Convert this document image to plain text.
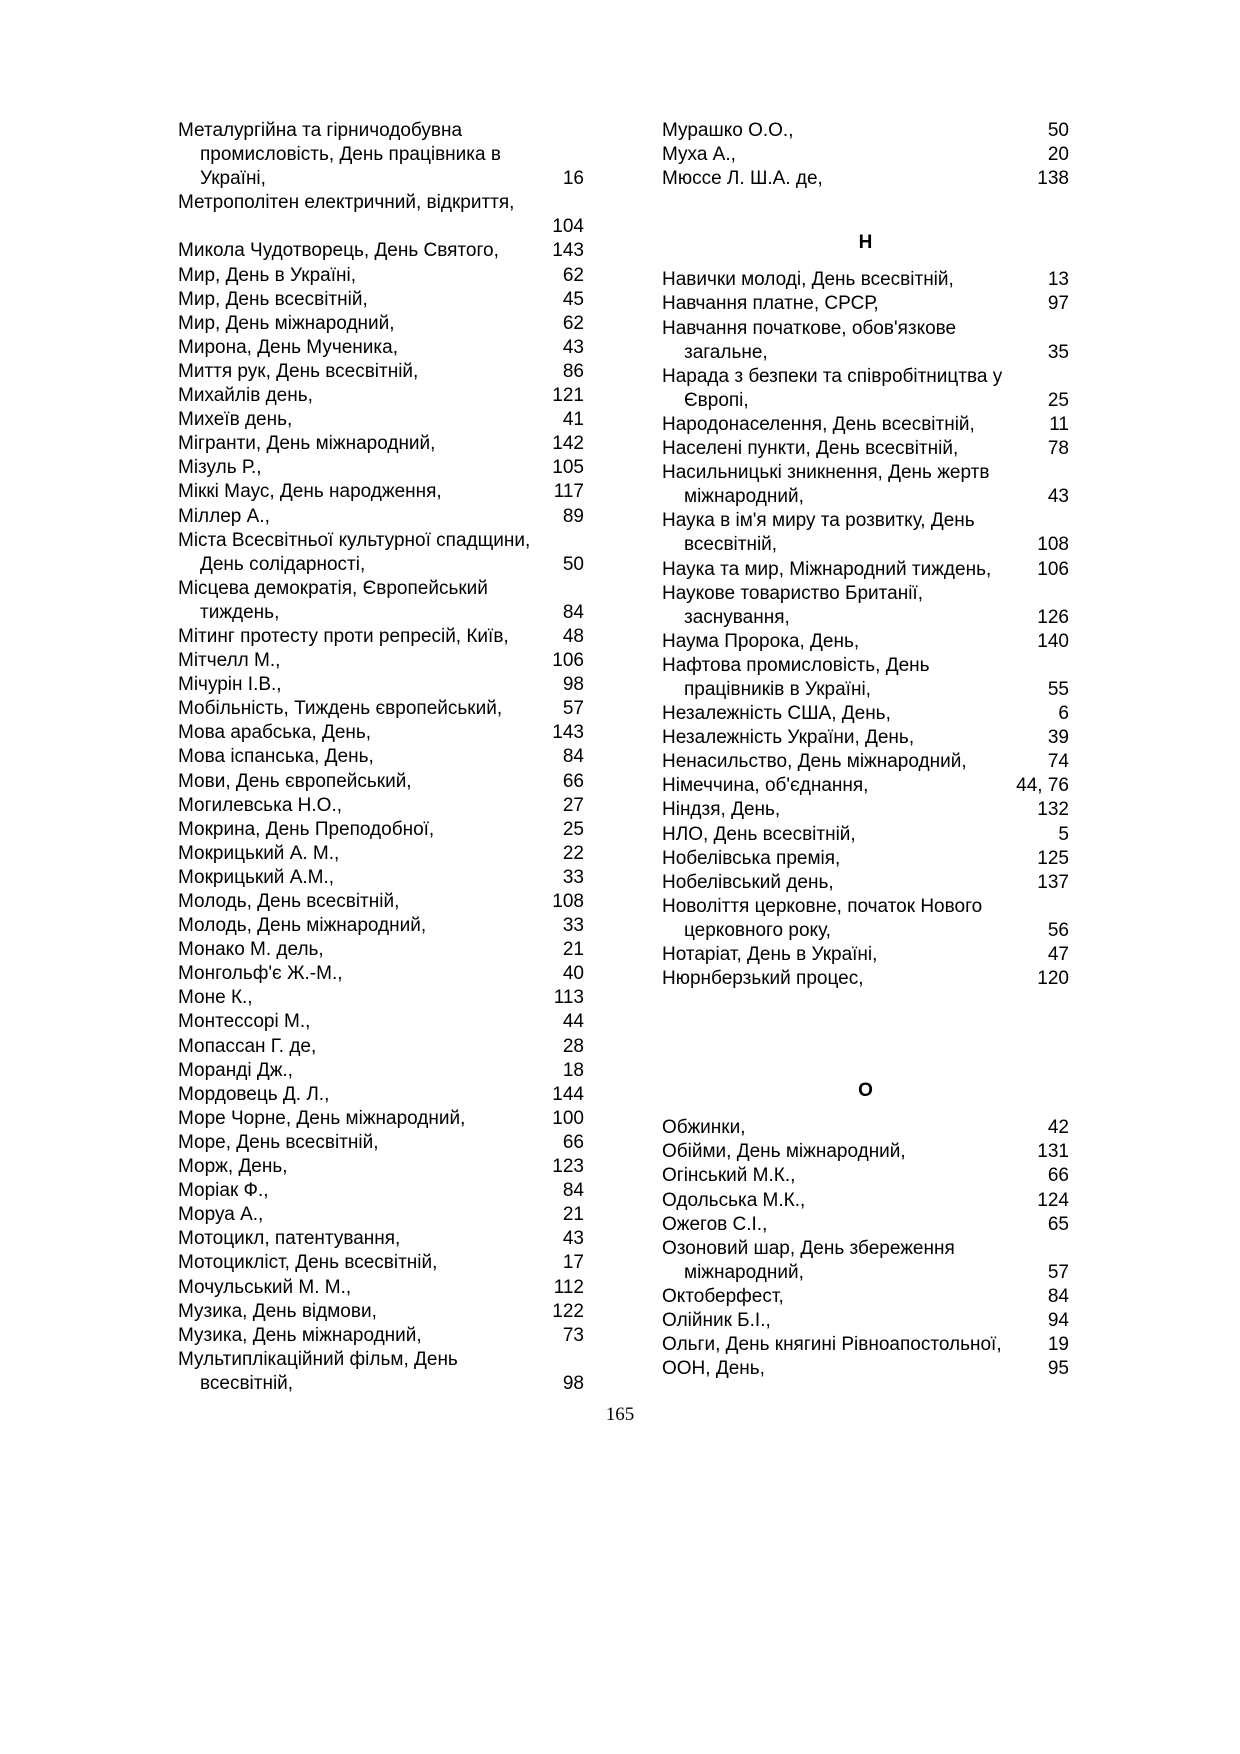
Металургійна та гірничодобувна
промисловість, День працівника в
Україні,	16
Метрополітен електричний, відкриття,
104
Микола Чудотворець, День Святого,	143
Мир, День в Україні,	62
Мир, День всесвітній,	45
Мир, День міжнародний,	62
Мирона, День Мученика,	43
Миття рук, День всесвітній,	86
Михайлів день,	121
Михеїв день,	41
Мігранти, День міжнародний,	142
Мізуль Р.,	105
Міккі Маус, День народження,	117
Міллер А.,	89
Міста Всесвітньої культурної спадщини,
День солідарності,	50
Місцева демократія, Європейський
тиждень,	84
Мітинг протесту проти репресій, Київ,	48
Мітчелл М.,	106
Мічурін І.В.,	98
Мобільність, Тиждень європейський,	57
Мова арабська, День,	143
Мова іспанська, День,	84
Мови, День європейський,	66
Могилевська Н.О.,	27
Мокрина, День Преподобної,	25
Мокрицький А. М.,	22
Мокрицький А.М.,	33
Молодь, День всесвітній,	108
Молодь, День міжнародний,	33
Монако М. дель,	21
Монгольф'є Ж.-М.,	40
Моне К.,	113
Монтессорі М.,	44
Мопассан Г. де,	28
Моранді Дж.,	18
Мордовець Д. Л.,	144
Море Чорне, День міжнародний,	100
Море, День всесвітній,	66
Морж, День,	123
Моріак Ф.,	84
Моруа А.,	21
Мотоцикл, патентування,	43
Мотоцикліст, День всесвітній,	17
Мочульський М. М.,	112
Музика, День відмови,	122
Музика, День міжнародний,	73
Мультиплікаційний фільм, День
всесвітній,	98
Мурашко О.О.,	50
Муха А.,	20
Мюссе Л. Ш.А. де,	138
Н
Навички молоді, День всесвітній,	13
Навчання платне, СРСР,	97
Навчання початкове, обов'язкове
загальне,	35
Нарада з безпеки та співробітництва у
Європі,	25
Народонаселення, День всесвітній,	11
Населені пункти, День всесвітній,	78
Насильницькі зникнення, День жертв
міжнародний,	43
Наука в ім'я миру та розвитку, День
всесвітній,	108
Наука та мир, Міжнародний тиждень, 106
Наукове товариство Британії,
заснування,	126
Наума Пророка, День,	140
Нафтова промисловість, День
працівників в Україні,	55
Незалежність США, День,	6
Незалежність України, День,	39
Ненасильство, День міжнародний,	74
Німеччина, об'єднання,	44, 76
Ніндзя, День,	132
НЛО, День всесвітній,	5
Нобелівська премія,	125
Нобелівський день,	137
Новоліття церковне, початок Нового
церковного року,	56
Нотаріат, День в Україні,	47
Нюрнберзький процес,	120
О
Обжинки,	42
Обійми, День міжнародний,	131
Огінський М.К.,	66
Одольська М.К.,	124
Ожегов С.І.,	65
Озоновий шар, День збереження
міжнародний,	57
Октоберфест,	84
Олійник Б.І.,	94
Ольги, День княгині Рівноапостольної, 19
ООН, День,	95
165
